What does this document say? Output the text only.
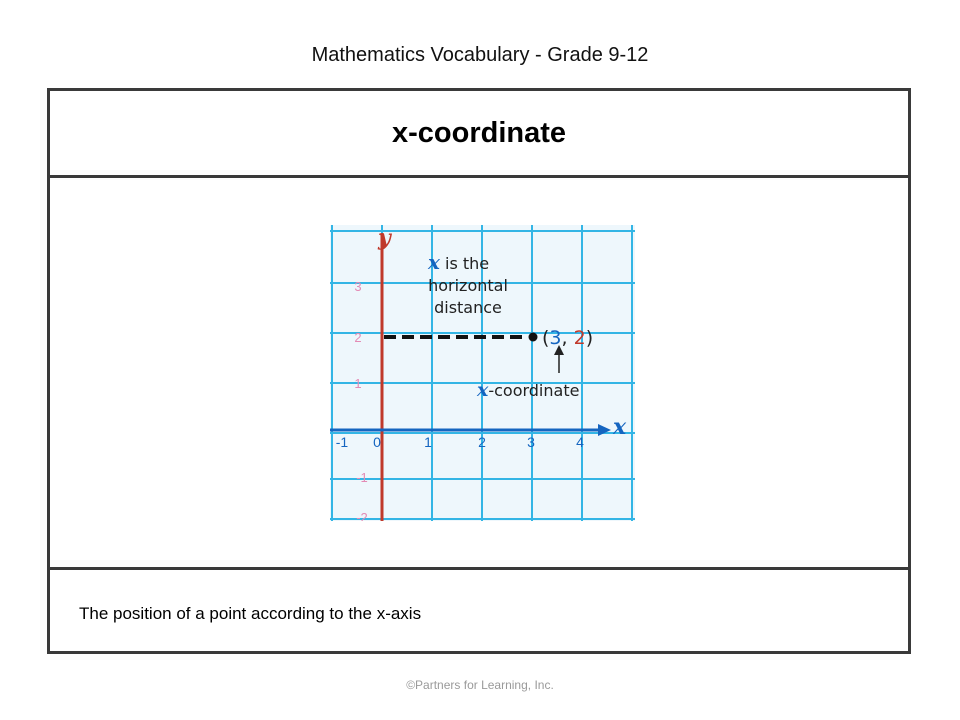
Mathematics Vocabulary - Grade 9-12
x-coordinate
y
x
-1 0	1	2	3	4
3
2
1
-1
-2
(3, 2)
x is the
horizontal
distance
x-coordinate
The position of a point according to the x-axis
©Partners for Learning, Inc.
